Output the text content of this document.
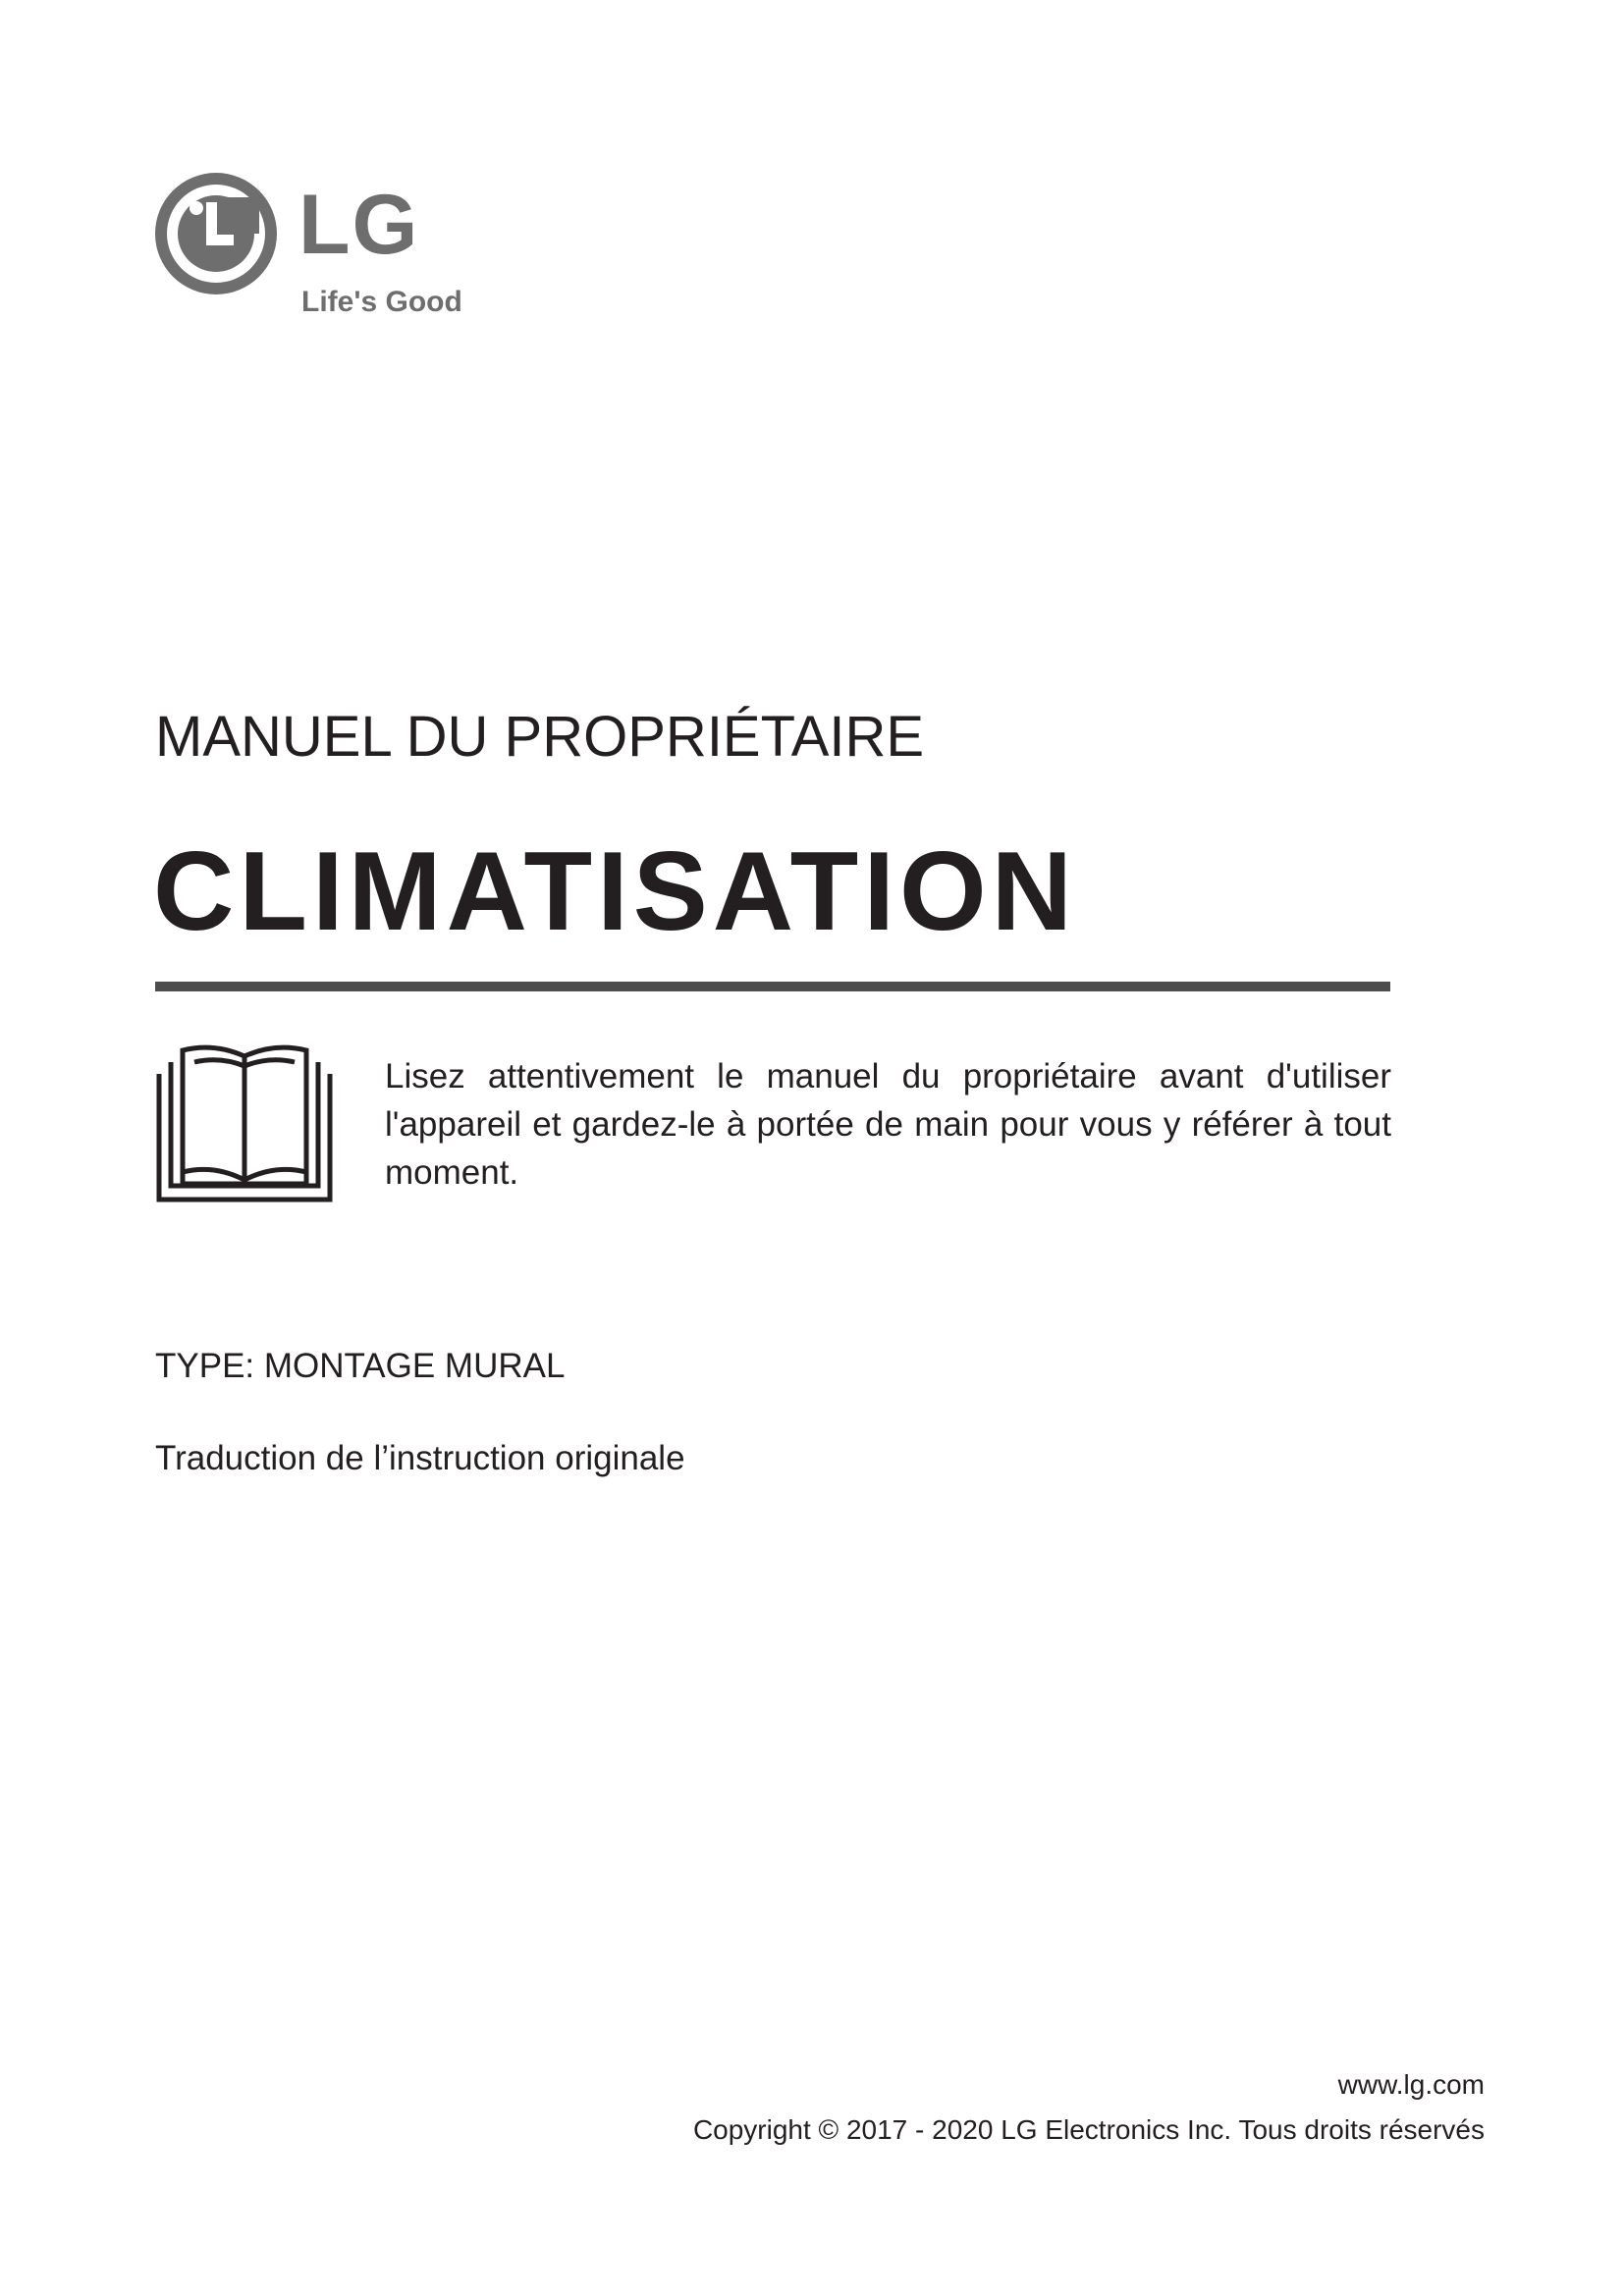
LG
Life's Good
MANUEL DU PROPRIÉTAIRE
CLIMATISATION
Lisez attentivement le manuel du propriétaire avant d'utiliser l'appareil et gardez-le à portée de main pour vous y référer à tout moment.
TYPE: MONTAGE MURAL
Traduction de l’instruction originale
www.lg.com
Copyright © 2017 - 2020 LG Electronics Inc. Tous droits réservés
